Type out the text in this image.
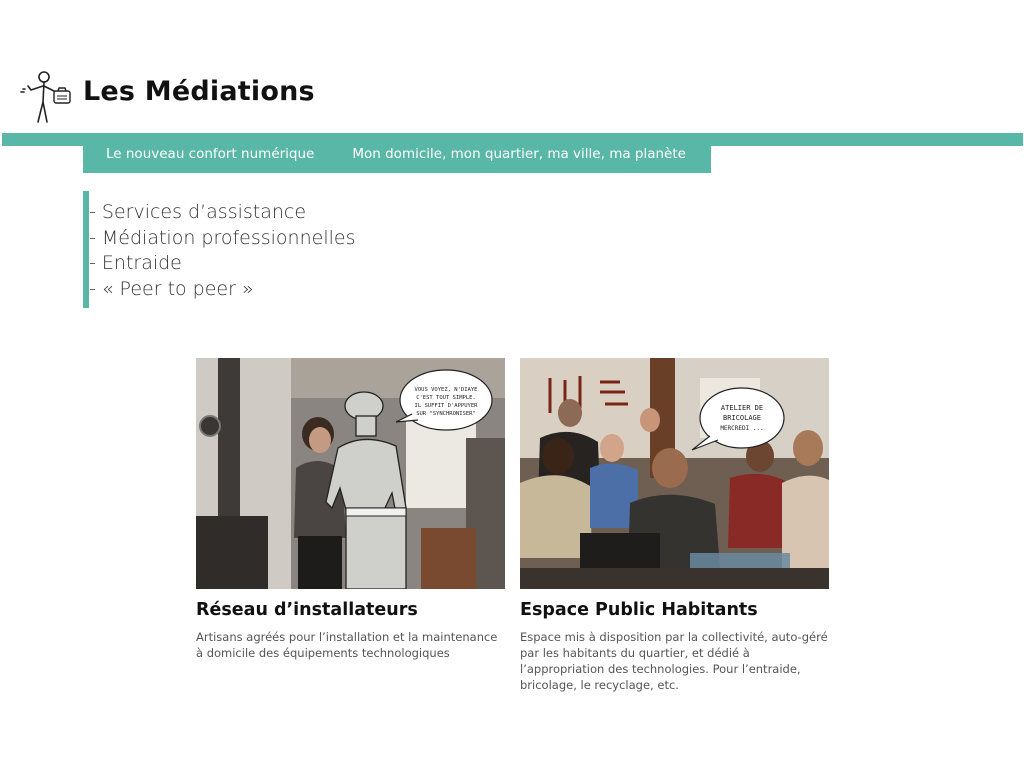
Les Médiations
Le nouveau confort numérique	Mon domicile, mon quartier, ma ville, ma planète
- Services d’assistance
- Médiation professionnelles
- Entraide
- « Peer to peer »
VOUS VOYEZ, N'DIAYE
C'EST TOUT SIMPLE.
IL SUFFIT D'APPUYER
SUR "SYNCHRONISER"
Réseau d’installateurs

Artisans agréés pour l’installation et la maintenance à domicile des équipements technologiques

ATELIER DE
BRICOLAGE
MERCREDI ...
Espace Public Habitants

Espace mis à disposition par la collectivité, auto-géré par les habitants du quartier, et dédié à l’appropriation des technologies. Pour l’entraide, bricolage, le recyclage, etc.
